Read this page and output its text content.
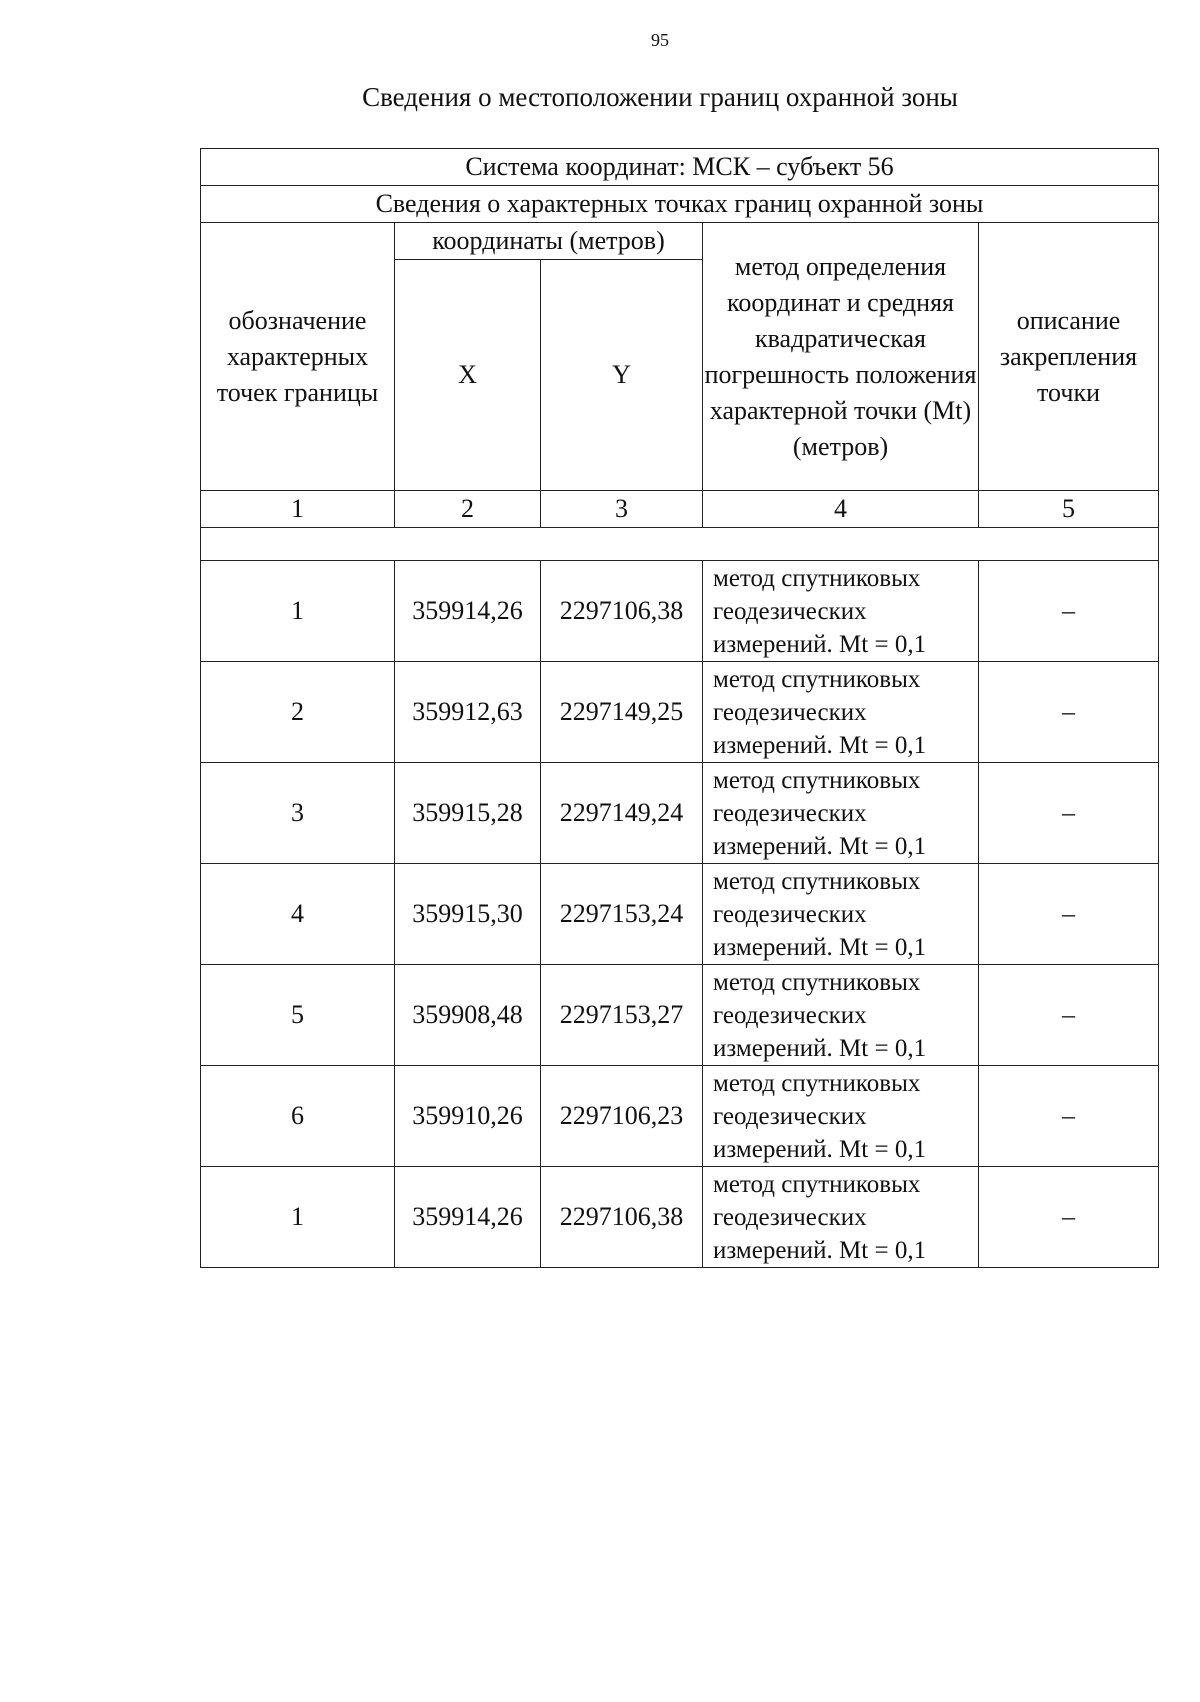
95
Сведения о местоположении границ охранной зоны
Система координат: МСК – субъект 56				
Сведения о характерных точках границ охранной зоны				
обозначение характерных точек границы	координаты (метров)		метод определения координат и средняя квадратическая погрешность положения характерной точки (Mt) (метров)	описание закрепления точки
	X	Y		
1	2	3	4	5

1	359914,26	2297106,38	метод спутниковых
геодезических
измерений. Mt = 0,1	–
2	359912,63	2297149,25	метод спутниковых
геодезических
измерений. Mt = 0,1	–
3	359915,28	2297149,24	метод спутниковых
геодезических
измерений. Mt = 0,1	–
4	359915,30	2297153,24	метод спутниковых
геодезических
измерений. Mt = 0,1	–
5	359908,48	2297153,27	метод спутниковых
геодезических
измерений. Mt = 0,1	–
6	359910,26	2297106,23	метод спутниковых
геодезических
измерений. Mt = 0,1	–
1	359914,26	2297106,38	метод спутниковых
геодезических
измерений. Mt = 0,1	–
